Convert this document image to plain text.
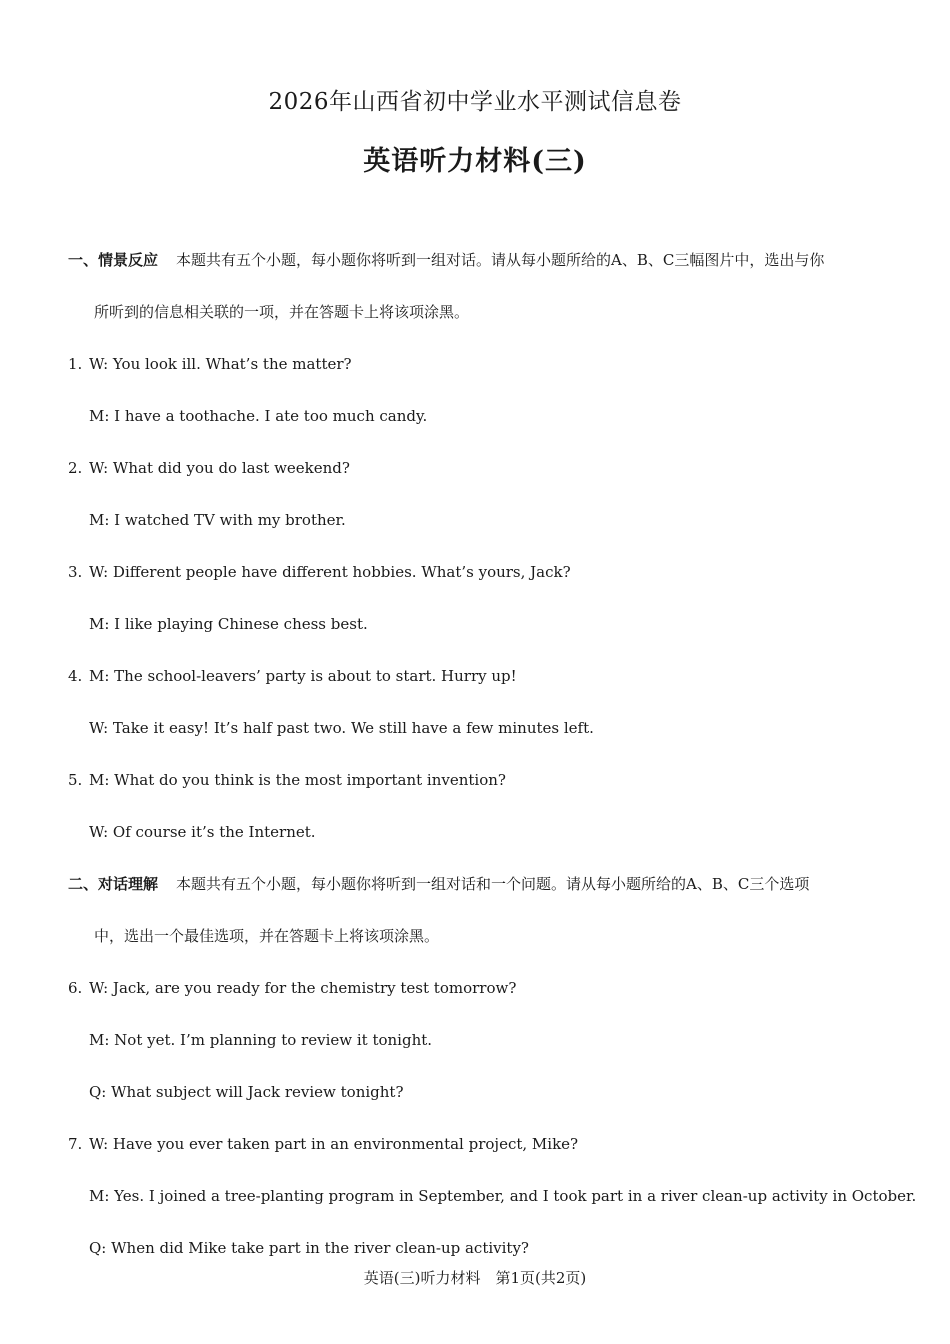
2026年山西省初中学业水平测试信息卷
英语听力材料(三)
一、情景反应 本题共有五个小题，每小题你将听到一组对话。请从每小题所给的A、B、C三幅图片中，选出与你
所听到的信息相关联的一项，并在答题卡上将该项涂黑。
1. W: You look ill. What’s the matter?
M: I have a toothache. I ate too much candy.
2. W: What did you do last weekend?
M: I watched TV with my brother.
3. W: Different people have different hobbies. What’s yours, Jack?
M: I like playing Chinese chess best.
4. M: The school-leavers’ party is about to start. Hurry up!
W: Take it easy! It’s half past two. We still have a few minutes left.
5. M: What do you think is the most important invention?
W: Of course it’s the Internet.
二、对话理解 本题共有五个小题，每小题你将听到一组对话和一个问题。请从每小题所给的A、B、C三个选项
中，选出一个最佳选项，并在答题卡上将该项涂黑。
6. W: Jack, are you ready for the chemistry test tomorrow?
M: Not yet. I’m planning to review it tonight.
Q: What subject will Jack review tonight?
7. W: Have you ever taken part in an environmental project, Mike?
M: Yes. I joined a tree-planting program in September, and I took part in a river clean-up activity in October.
Q: When did Mike take part in the river clean-up activity?
英语(三)听力材料　第1页(共2页)
